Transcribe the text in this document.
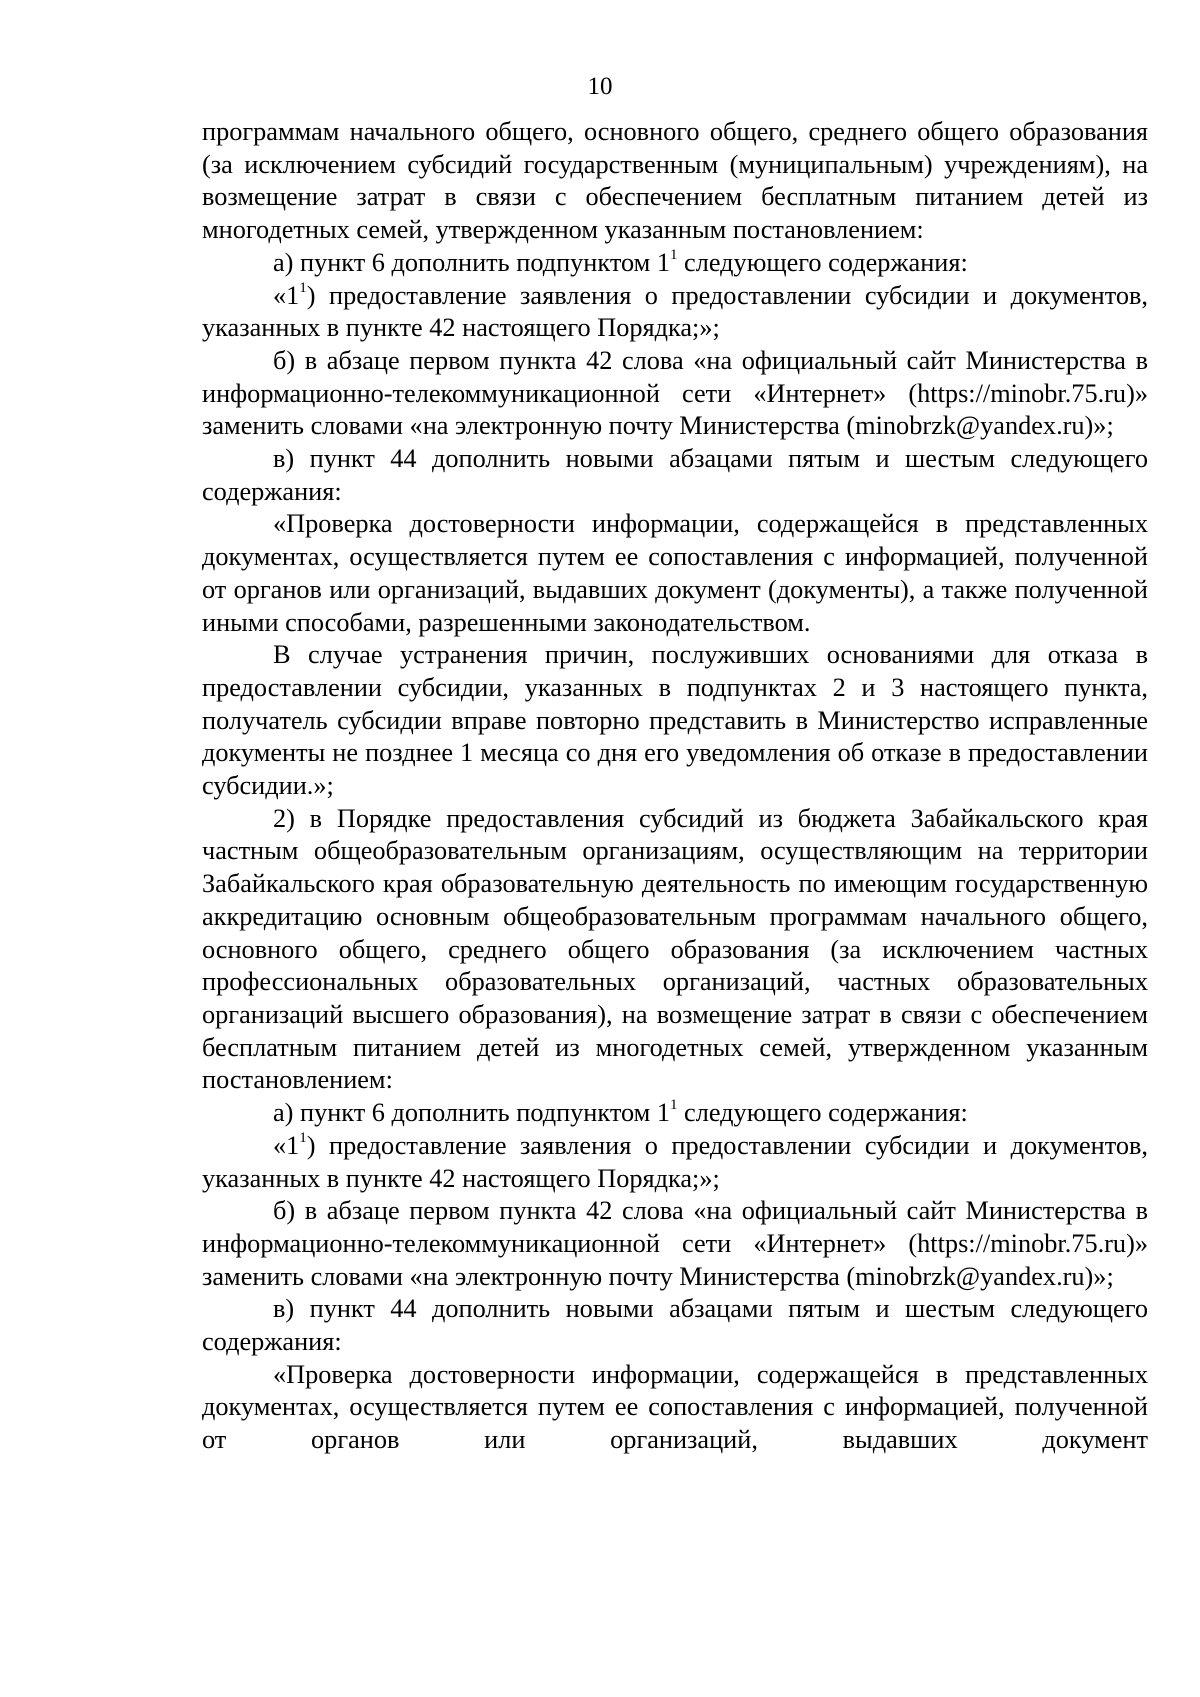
10

программам начального общего, основного общего, среднего общего образования (за исключением субсидий государственным (муниципальным) учреждениям), на возмещение затрат в связи с обеспечением бесплатным питанием детей из многодетных семей, утвержденном указанным постановлением:

а) пункт 6 дополнить подпунктом $1^1$ следующего содержания:

«$1^1$) предоставление заявления о предоставлении субсидии и документов, указанных в пункте 42 настоящего Порядка;»;

б) в абзаце первом пункта 42 слова «на официальный сайт Министерства в информационно-телекоммуникационной сети «Интернет» (https://minobr.75.ru)» заменить словами «на электронную почту Министерства (minobrzk@yandex.ru)»;

в) пункт 44 дополнить новыми абзацами пятым и шестым следующего содержания:

«Проверка достоверности информации, содержащейся в представленных документах, осуществляется путем ее сопоставления с информацией, полученной от органов или организаций, выдавших документ (документы), а также полученной иными способами, разрешенными законодательством.

В случае устранения причин, послуживших основаниями для отказа в предоставлении субсидии, указанных в подпунктах 2 и 3 настоящего пункта, получатель субсидии вправе повторно представить в Министерство исправленные документы не позднее 1 месяца со дня его уведомления об отказе в предоставлении субсидии.»;

2) в Порядке предоставления субсидий из бюджета Забайкальского края частным общеобразовательным организациям, осуществляющим на территории Забайкальского края образовательную деятельность по имеющим государственную аккредитацию основным общеобразовательным программам начального общего, основного общего, среднего общего образования (за исключением частных профессиональных образовательных организаций, частных образовательных организаций высшего образования), на возмещение затрат в связи с обеспечением бесплатным питанием детей из многодетных семей, утвержденном указанным постановлением:

а) пункт 6 дополнить подпунктом $1^1$ следующего содержания:

«$1^1$) предоставление заявления о предоставлении субсидии и документов, указанных в пункте 42 настоящего Порядка;»;

б) в абзаце первом пункта 42 слова «на официальный сайт Министерства в информационно-телекоммуникационной сети «Интернет» (https://minobr.75.ru)» заменить словами «на электронную почту Министерства (minobrzk@yandex.ru)»;

в) пункт 44 дополнить новыми абзацами пятым и шестым следующего содержания:

«Проверка достоверности информации, содержащейся в представленных документах, осуществляется путем ее сопоставления с информацией, полученной от органов или организаций, выдавших документ
